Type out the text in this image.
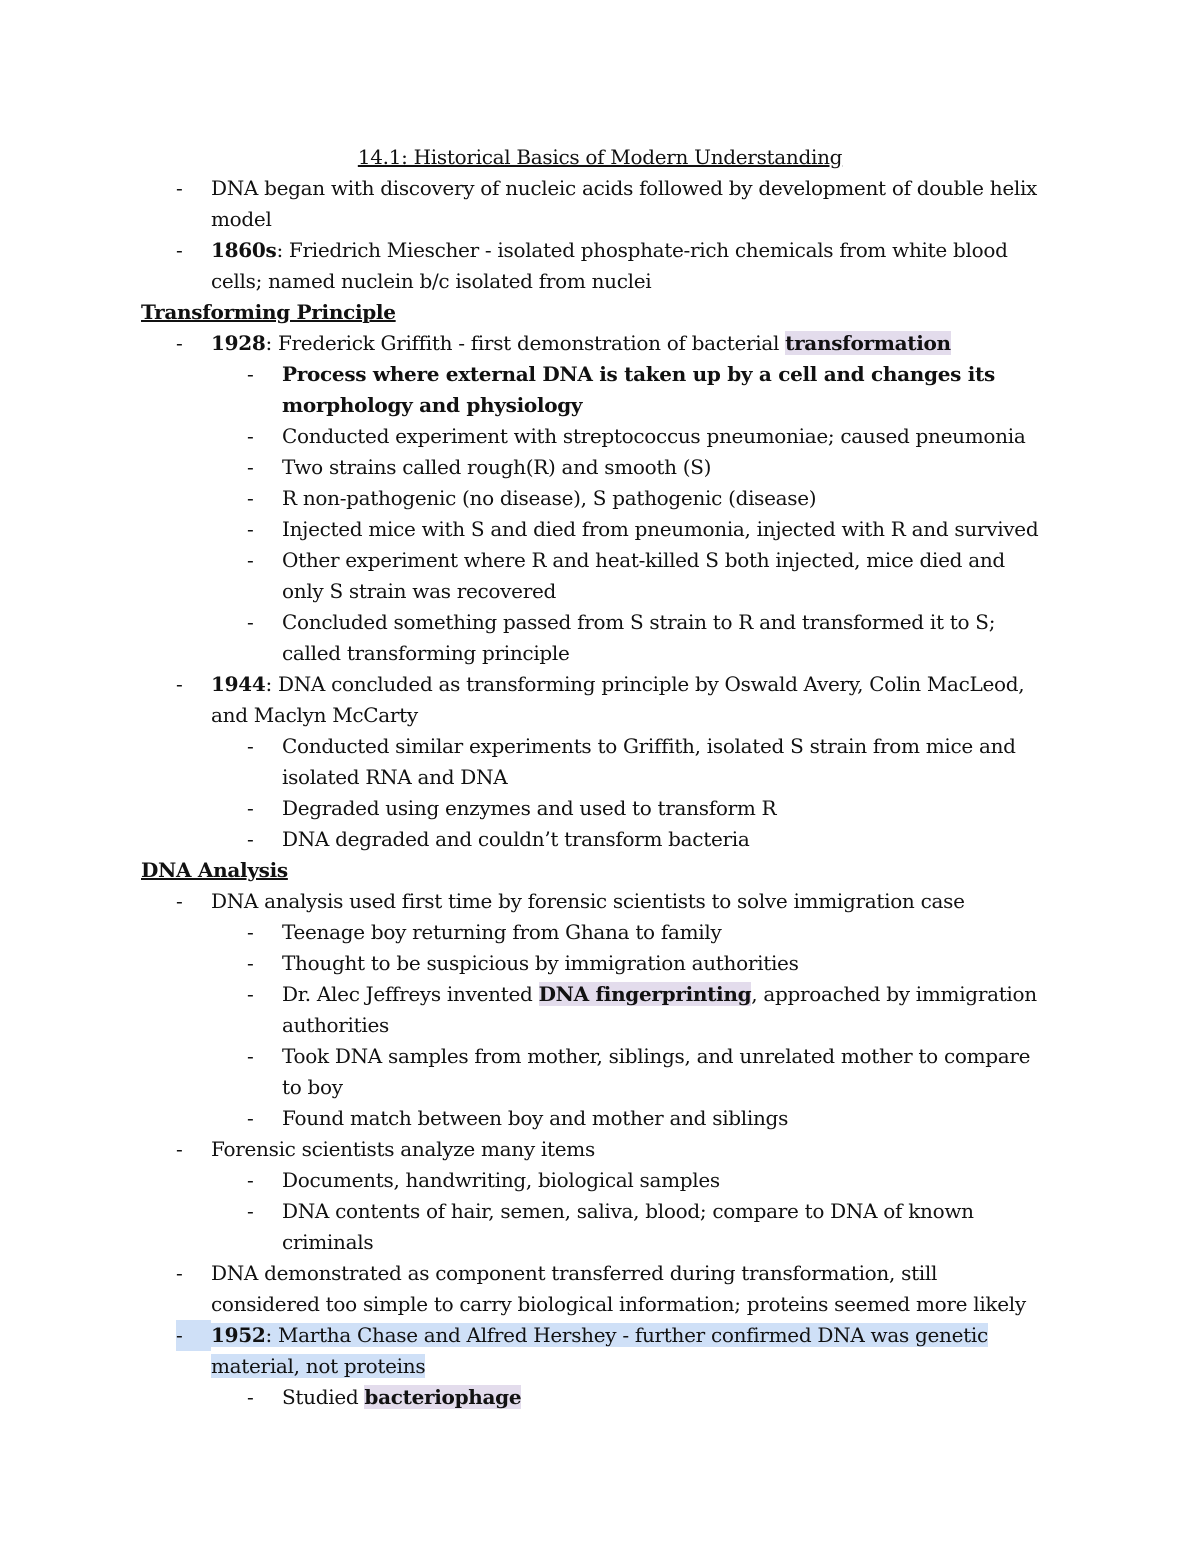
14.1: Historical Basics of Modern Understanding
- DNA began with discovery of nucleic acids followed by development of double helix model
- 1860s: Friedrich Miescher - isolated phosphate-rich chemicals from white blood cells; named nuclein b/c isolated from nuclei
Transforming Principle
- 1928: Frederick Griffith - first demonstration of bacterial transformation
- Process where external DNA is taken up by a cell and changes its morphology and physiology
- Conducted experiment with streptococcus pneumoniae; caused pneumonia
- Two strains called rough(R) and smooth (S)
- R non-pathogenic (no disease), S pathogenic (disease)
- Injected mice with S and died from pneumonia, injected with R and survived
- Other experiment where R and heat-killed S both injected, mice died and only S strain was recovered
- Concluded something passed from S strain to R and transformed it to S; called transforming principle
- 1944: DNA concluded as transforming principle by Oswald Avery, Colin MacLeod, and Maclyn McCarty
- Conducted similar experiments to Griffith, isolated S strain from mice and isolated RNA and DNA
- Degraded using enzymes and used to transform R
- DNA degraded and couldn’t transform bacteria
DNA Analysis
- DNA analysis used first time by forensic scientists to solve immigration case
- Teenage boy returning from Ghana to family
- Thought to be suspicious by immigration authorities
- Dr. Alec Jeffreys invented DNA fingerprinting, approached by immigration authorities
- Took DNA samples from mother, siblings, and unrelated mother to compare to boy
- Found match between boy and mother and siblings
- Forensic scientists analyze many items
- Documents, handwriting, biological samples
- DNA contents of hair, semen, saliva, blood; compare to DNA of known criminals
- DNA demonstrated as component transferred during transformation, still considered too simple to carry biological information; proteins seemed more likely
- 1952: Martha Chase and Alfred Hershey - further confirmed DNA was genetic material, not proteins
- Studied bacteriophage
